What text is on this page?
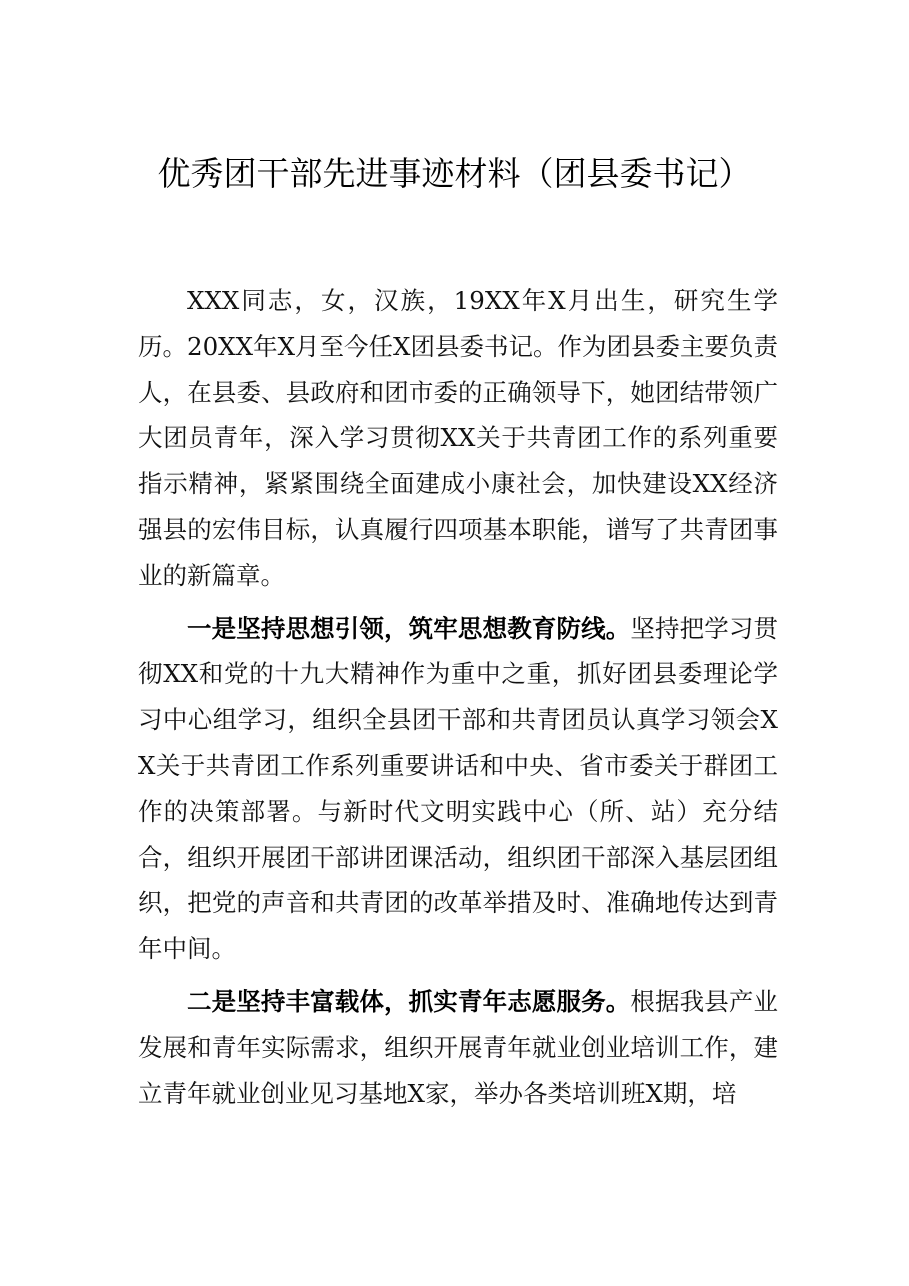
优秀团干部先进事迹材料（团县委书记）

XXX同志，女，汉族，19XX年X月出生，研究生学历。20XX年X月至今任X团县委书记。作为团县委主要负责人，在县委、县政府和团市委的正确领导下，她团结带领广大团员青年，深入学习贯彻XX关于共青团工作的系列重要指示精神，紧紧围绕全面建成小康社会，加快建设XX经济强县的宏伟目标，认真履行四项基本职能，谱写了共青团事业的新篇章。

一是坚持思想引领，筑牢思想教育防线。坚持把学习贯彻XX和党的十九大精神作为重中之重，抓好团县委理论学习中心组学习，组织全县团干部和共青团员认真学习领会XX关于共青团工作系列重要讲话和中央、省市委关于群团工作的决策部署。与新时代文明实践中心（所、站）充分结合，组织开展团干部讲团课活动，组织团干部深入基层团组织，把党的声音和共青团的改革举措及时、准确地传达到青年中间。

二是坚持丰富载体，抓实青年志愿服务。根据我县产业发展和青年实际需求，组织开展青年就业创业培训工作，建立青年就业创业见习基地X家，举办各类培训班X期，培
